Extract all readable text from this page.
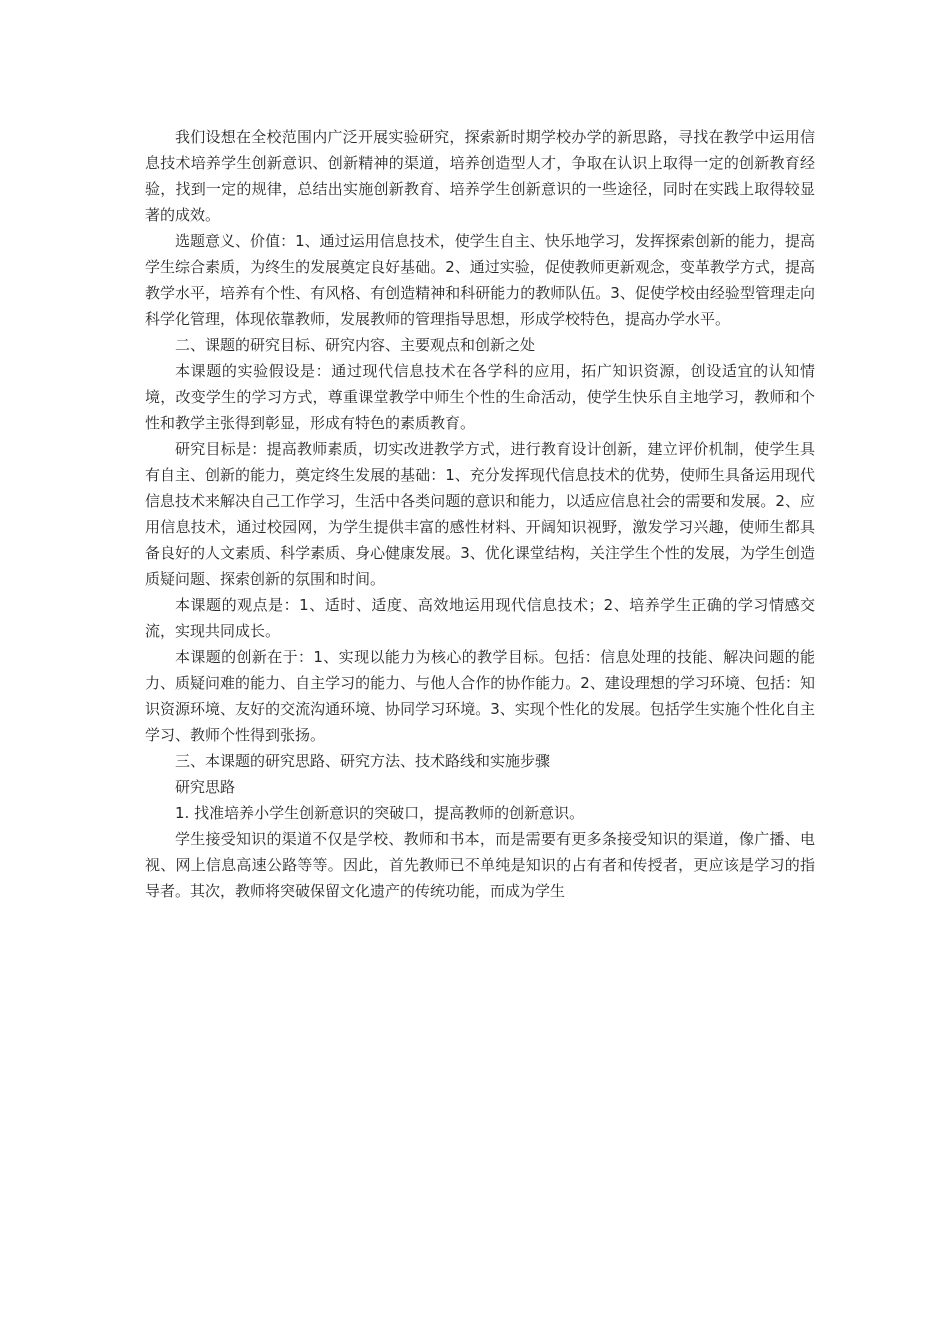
我们设想在全校范围内广泛开展实验研究，探索新时期学校办学的新思路，寻找在教学中运用信息技术培养学生创新意识、创新精神的渠道，培养创造型人才，争取在认识上取得一定的创新教育经验，找到一定的规律，总结出实施创新教育、培养学生创新意识的一些途径，同时在实践上取得较显著的成效。

选题意义、价值：1、通过运用信息技术，使学生自主、快乐地学习，发挥探索创新的能力，提高学生综合素质，为终生的发展奠定良好基础。2、通过实验，促使教师更新观念，变革教学方式，提高教学水平，培养有个性、有风格、有创造精神和科研能力的教师队伍。3、促使学校由经验型管理走向科学化管理，体现依靠教师，发展教师的管理指导思想，形成学校特色，提高办学水平。

二、课题的研究目标、研究内容、主要观点和创新之处

本课题的实验假设是：通过现代信息技术在各学科的应用，拓广知识资源，创设适宜的认知情境，改变学生的学习方式，尊重课堂教学中师生个性的生命活动，使学生快乐自主地学习，教师和个性和教学主张得到彰显，形成有特色的素质教育。

研究目标是：提高教师素质，切实改进教学方式，进行教育设计创新，建立评价机制，使学生具有自主、创新的能力，奠定终生发展的基础：1、充分发挥现代信息技术的优势，使师生具备运用现代信息技术来解决自己工作学习，生活中各类问题的意识和能力，以适应信息社会的需要和发展。2、应用信息技术，通过校园网，为学生提供丰富的感性材料、开阔知识视野，激发学习兴趣，使师生都具备良好的人文素质、科学素质、身心健康发展。3、优化课堂结构，关注学生个性的发展，为学生创造质疑问题、探索创新的氛围和时间。

本课题的观点是：1、适时、适度、高效地运用现代信息技术；2、培养学生正确的学习情感交流，实现共同成长。

本课题的创新在于：1、实现以能力为核心的教学目标。包括：信息处理的技能、解决问题的能力、质疑问难的能力、自主学习的能力、与他人合作的协作能力。2、建设理想的学习环境、包括：知识资源环境、友好的交流沟通环境、协同学习环境。3、实现个性化的发展。包括学生实施个性化自主学习、教师个性得到张扬。

三、本课题的研究思路、研究方法、技术路线和实施步骤

研究思路

1. 找准培养小学生创新意识的突破口，提高教师的创新意识。

学生接受知识的渠道不仅是学校、教师和书本，而是需要有更多条接受知识的渠道，像广播、电视、网上信息高速公路等等。因此，首先教师已不单纯是知识的占有者和传授者，更应该是学习的指导者。其次，教师将突破保留文化遗产的传统功能，而成为学生
